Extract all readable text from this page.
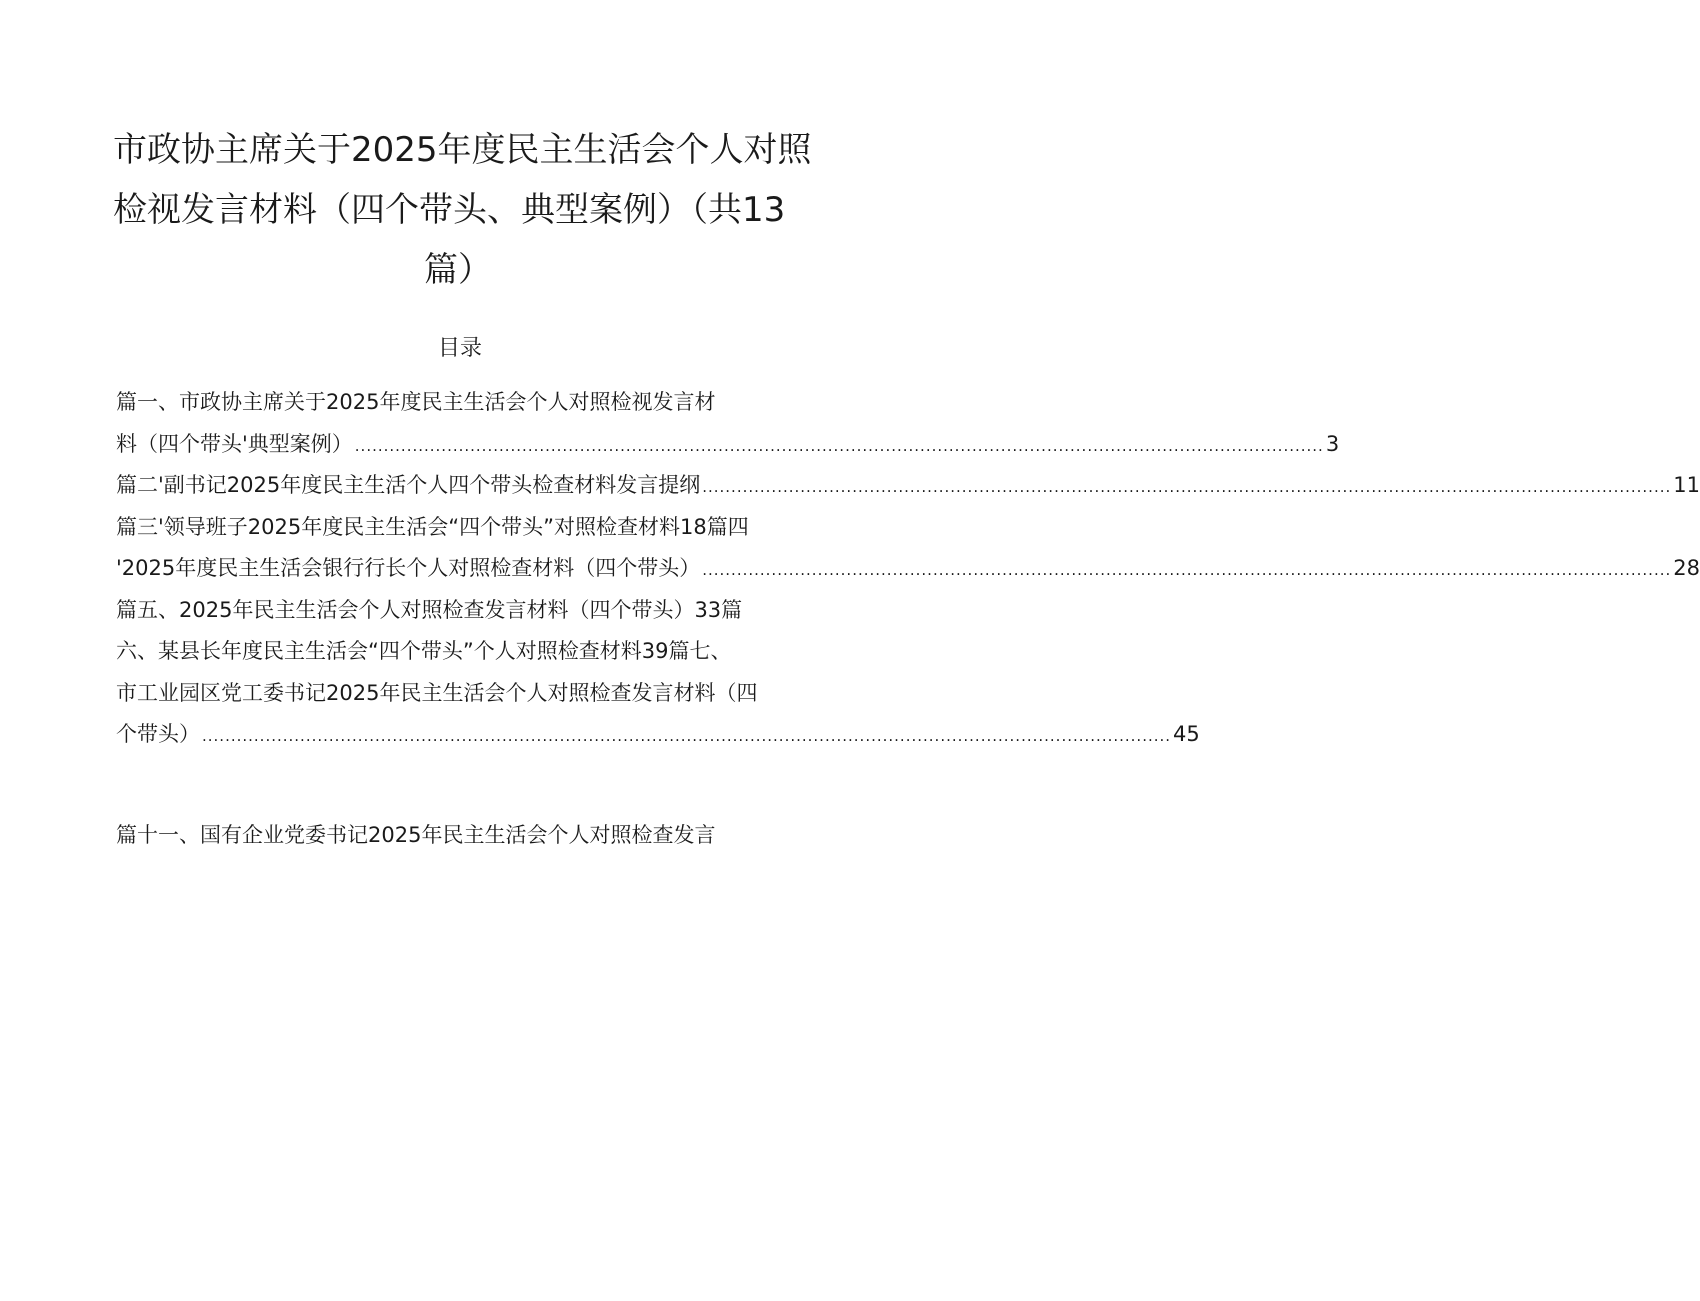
市政协主席关于2025年度民主生活会个人对照
检视发言材料（四个带头、典型案例）（共13
篇）
目录
篇一、市政协主席关于2025年度民主生活会个人对照检视发言材
料（四个带头'典型案例） ........................................................................................................................................................................ 3
篇二'副书记2025年度民主生活个人四个带头检查材料发言提纲 ........................................................................................................................................................................ 11
篇三'领导班子2025年度民主生活会“四个带头”对照检查材料18篇四
'2025年度民主生活会银行行长个人对照检查材料（四个带头） ........................................................................................................................................................................ 28
篇五、2025年民主生活会个人对照检查发言材料（四个带头）33篇
六、某县长年度民主生活会“四个带头”个人对照检查材料39篇七、
市工业园区党工委书记2025年民主生活会个人对照检查发言材料（四
个带头） ........................................................................................................................................................................ 45
篇十一、国有企业党委书记2025年民主生活会个人对照检查发言
